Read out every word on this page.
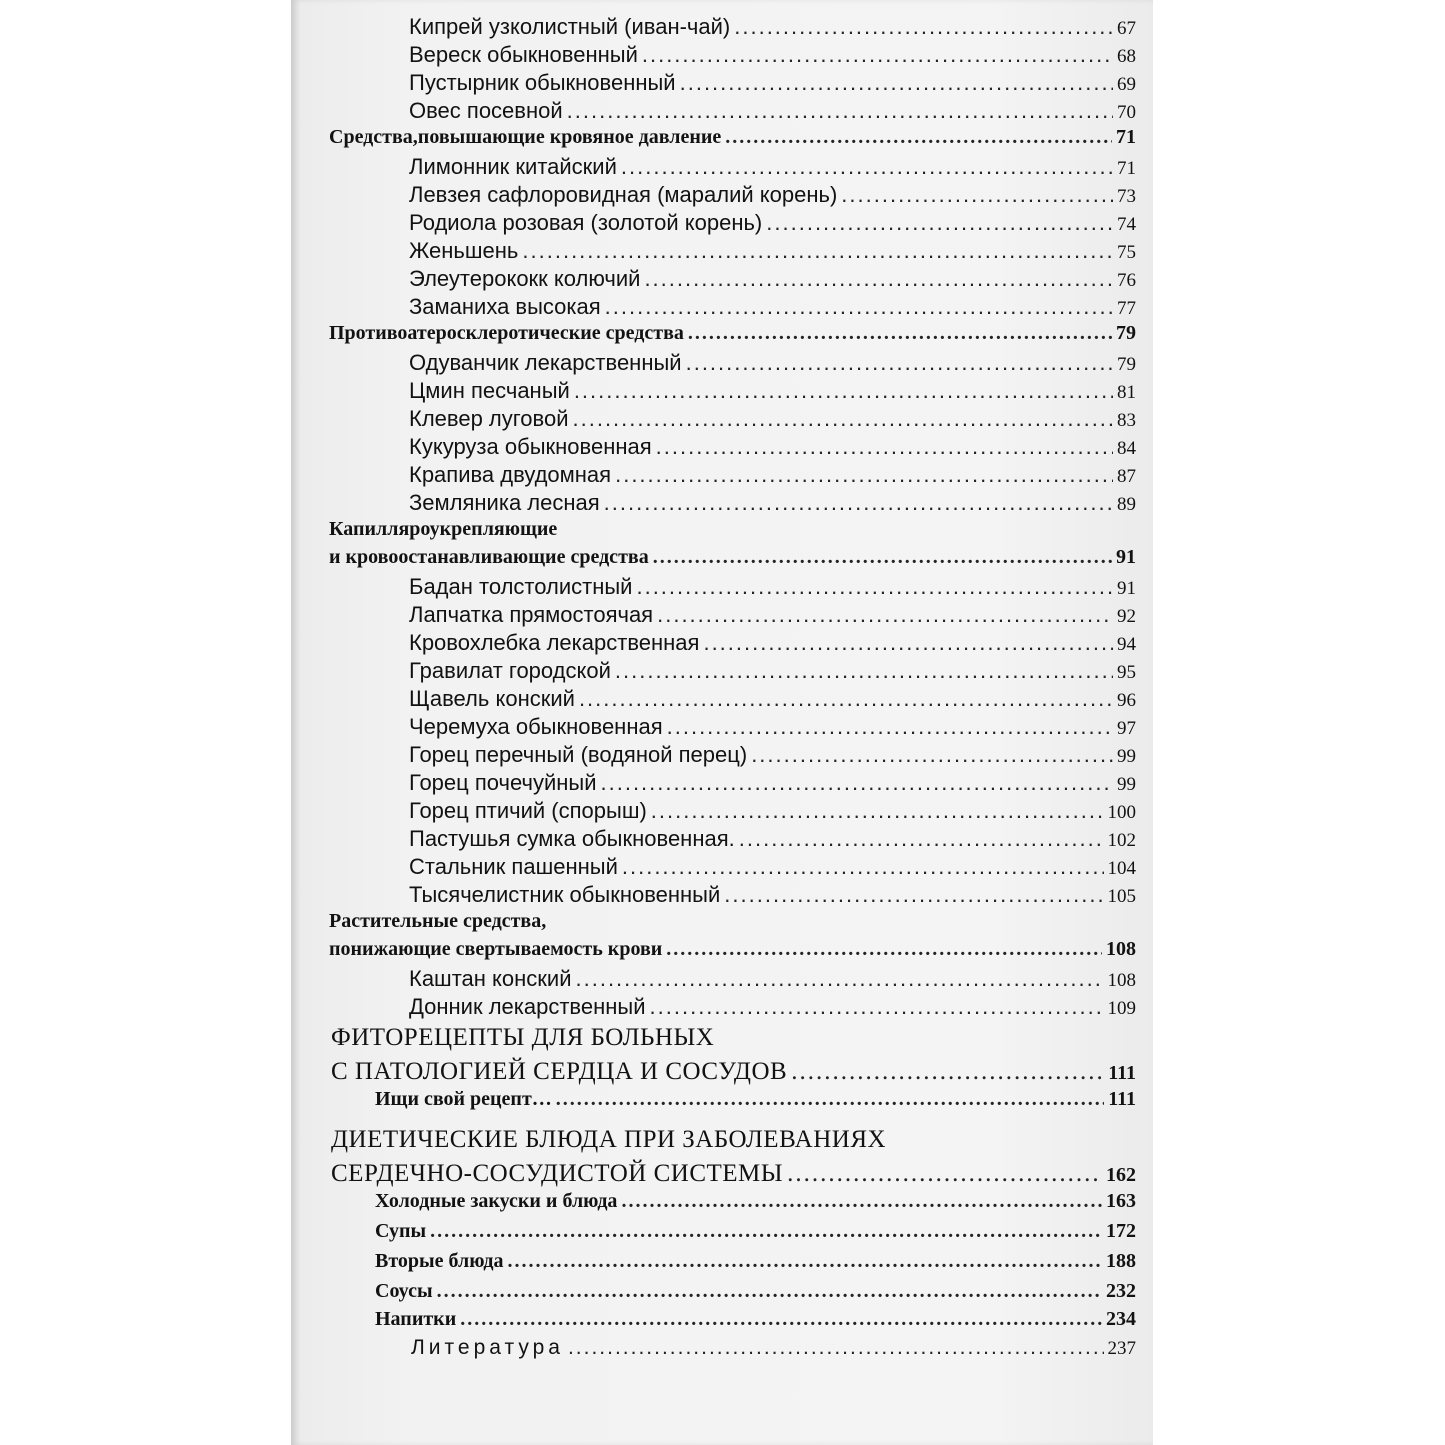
Кипрей узколистный (иван-чай) .....	67
Вереск обыкновенный .....	68
Пустырник обыкновенный .....	69
Овес посевной .....	70
Средства,повышающие кровяное давление .....	71
Лимонник китайский .....	71
Левзея сафлоровидная (маралий корень) .....	73
Родиола розовая (золотой корень) .....	74
Женьшень .....	75
Элеутерококк колючий .....	76
Заманиха высокая .....	77
Противоатеросклеротические средства .....	79
Одуванчик лекарственный .....	79
Цмин песчаный .....	81
Клевер луговой .....	83
Кукуруза обыкновенная .....	84
Крапива двудомная .....	87
Земляника лесная .....	89
Капилляроукрепляющие
и кровоостанавливающие средства .....	91
Бадан толстолистный .....	91
Лапчатка прямостоячая .....	92
Кровохлебка лекарственная .....	94
Гравилат городской .....	95
Щавель конский .....	96
Черемуха обыкновенная .....	97
Горец перечный (водяной перец) .....	99
Горец почечуйный .....	99
Горец птичий (спорыш) .....	100
Пастушья сумка обыкновенная. .....	102
Стальник пашенный .....	104
Тысячелистник обыкновенный .....	105
Растительные средства,
понижающие свертываемость крови .....	108
Каштан конский .....	108
Донник лекарственный .....	109
ФИТОРЕЦЕПТЫ ДЛЯ БОЛЬНЫХ
С ПАТОЛОГИЕЙ СЕРДЦА И СОСУДОВ .....	111
Ищи свой рецепт… .....	111
ДИЕТИЧЕСКИЕ БЛЮДА ПРИ ЗАБОЛЕВАНИЯХ
СЕРДЕЧНО-СОСУДИСТОЙ СИСТЕМЫ .....	162
Холодные закуски и блюда .....	163
Супы .....	172
Вторые блюда .....	188
Соусы .....	232
Напитки .....	234
Литература .....	237
